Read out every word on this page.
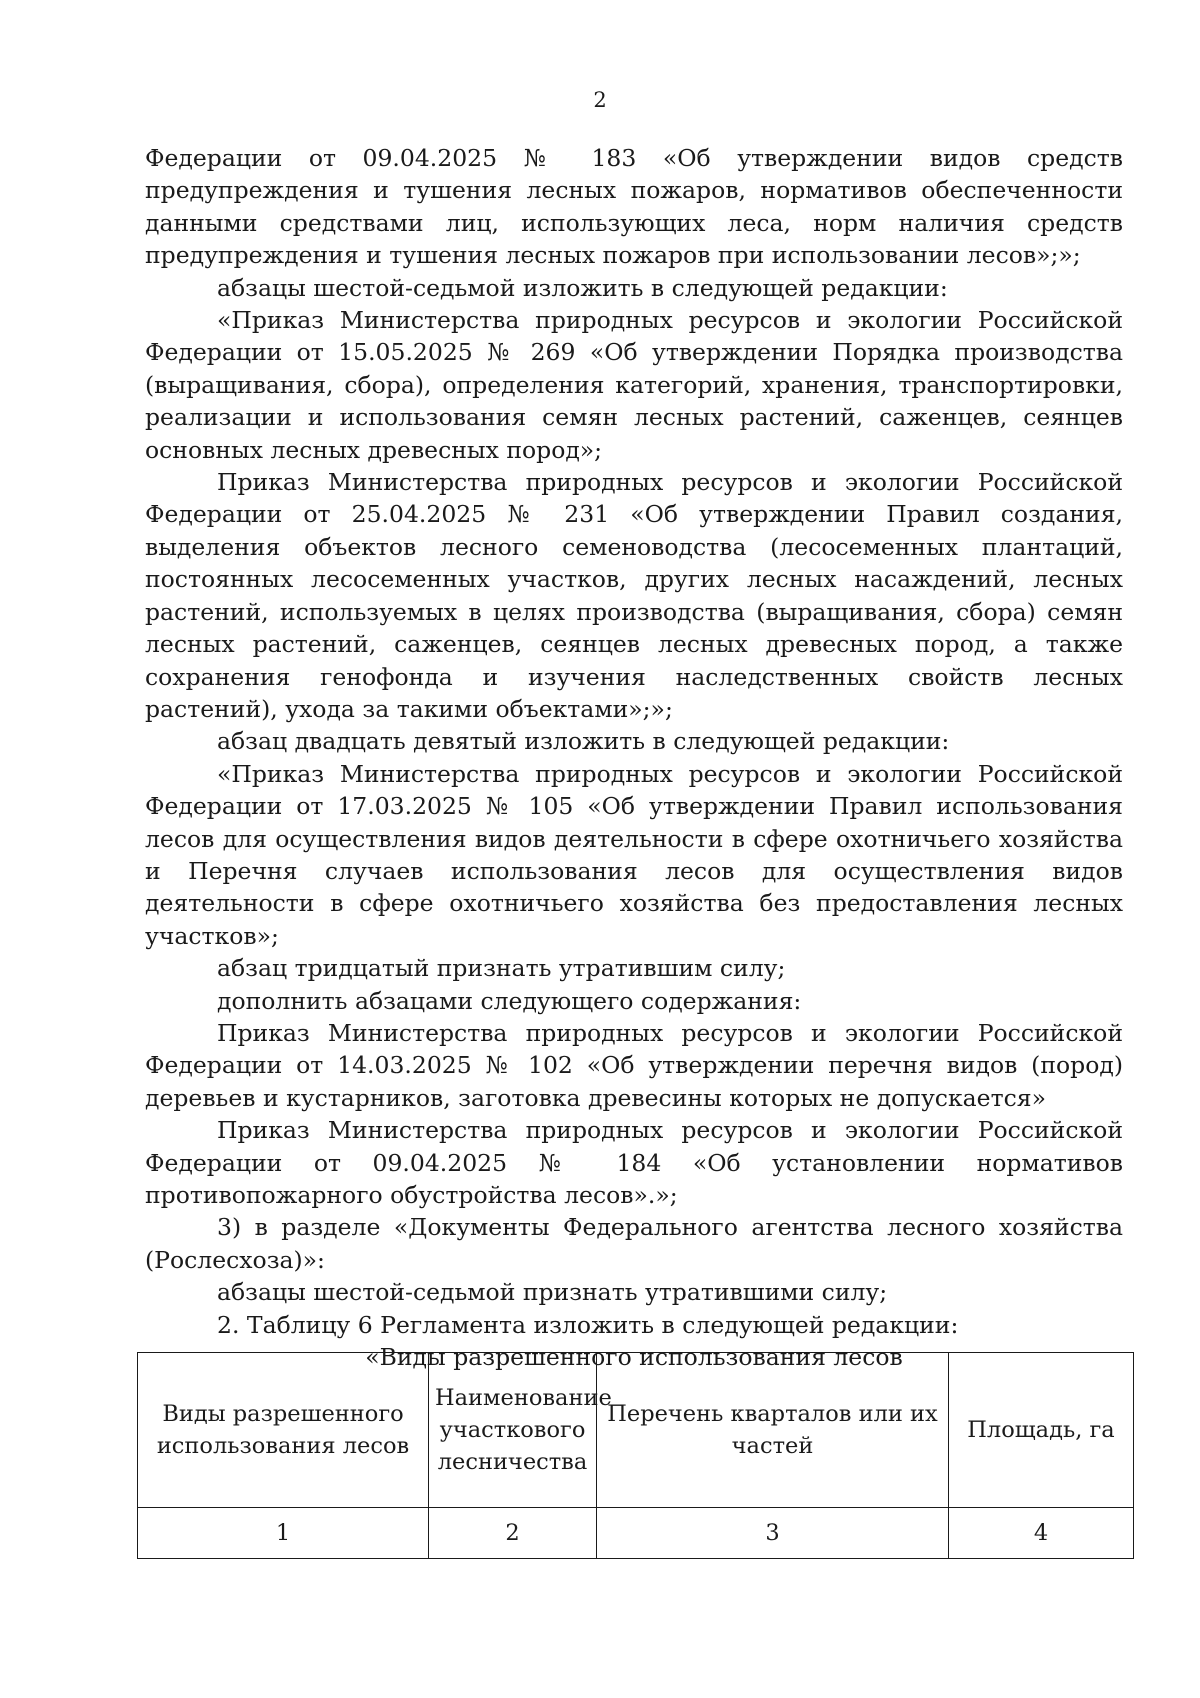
2

Федерации от 09.04.2025 № 183 «Об утверждении видов средств предупреждения и тушения лесных пожаров, нормативов обеспеченности данными средствами лиц, использующих леса, норм наличия средств предупреждения и тушения лесных пожаров при использовании лесов»;»;

абзацы шестой-седьмой изложить в следующей редакции:

«Приказ Министерства природных ресурсов и экологии Российской Федерации от 15.05.2025 № 269 «Об утверждении Порядка производства (выращивания, сбора), определения категорий, хранения, транспортировки, реализации и использования семян лесных растений, саженцев, сеянцев основных лесных древесных пород»;

Приказ Министерства природных ресурсов и экологии Российской Федерации от 25.04.2025 № 231 «Об утверждении Правил создания, выделения объектов лесного семеноводства (лесосеменных плантаций, постоянных лесосеменных участков, других лесных насаждений, лесных растений, используемых в целях производства (выращивания, сбора) семян лесных растений, саженцев, сеянцев лесных древесных пород, а также сохранения генофонда и изучения наследственных свойств лесных растений), ухода за такими объектами»;»;

абзац двадцать девятый изложить в следующей редакции:

«Приказ Министерства природных ресурсов и экологии Российской Федерации от 17.03.2025 № 105 «Об утверждении Правил использования лесов для осуществления видов деятельности в сфере охотничьего хозяйства и Перечня случаев использования лесов для осуществления видов деятельности в сфере охотничьего хозяйства без предоставления лесных участков»;

абзац тридцатый признать утратившим силу;

дополнить абзацами следующего содержания:

Приказ Министерства природных ресурсов и экологии Российской Федерации от 14.03.2025 № 102 «Об утверждении перечня видов (пород) деревьев и кустарников, заготовка древесины которых не допускается»

Приказ Министерства природных ресурсов и экологии Российской Федерации от 09.04.2025 № 184 «Об установлении нормативов противопожарного обустройства лесов».»;

3) в разделе «Документы Федерального агентства лесного хозяйства (Рослесхоза)»:

абзацы шестой-седьмой признать утратившими силу;

2. Таблицу 6 Регламента изложить в следующей редакции:

«Виды разрешенного использования лесов

Виды разрешенного использования лесов	Наименование участкового лесничества	Перечень кварталов или их частей	Площадь, га
1	2	3	4
